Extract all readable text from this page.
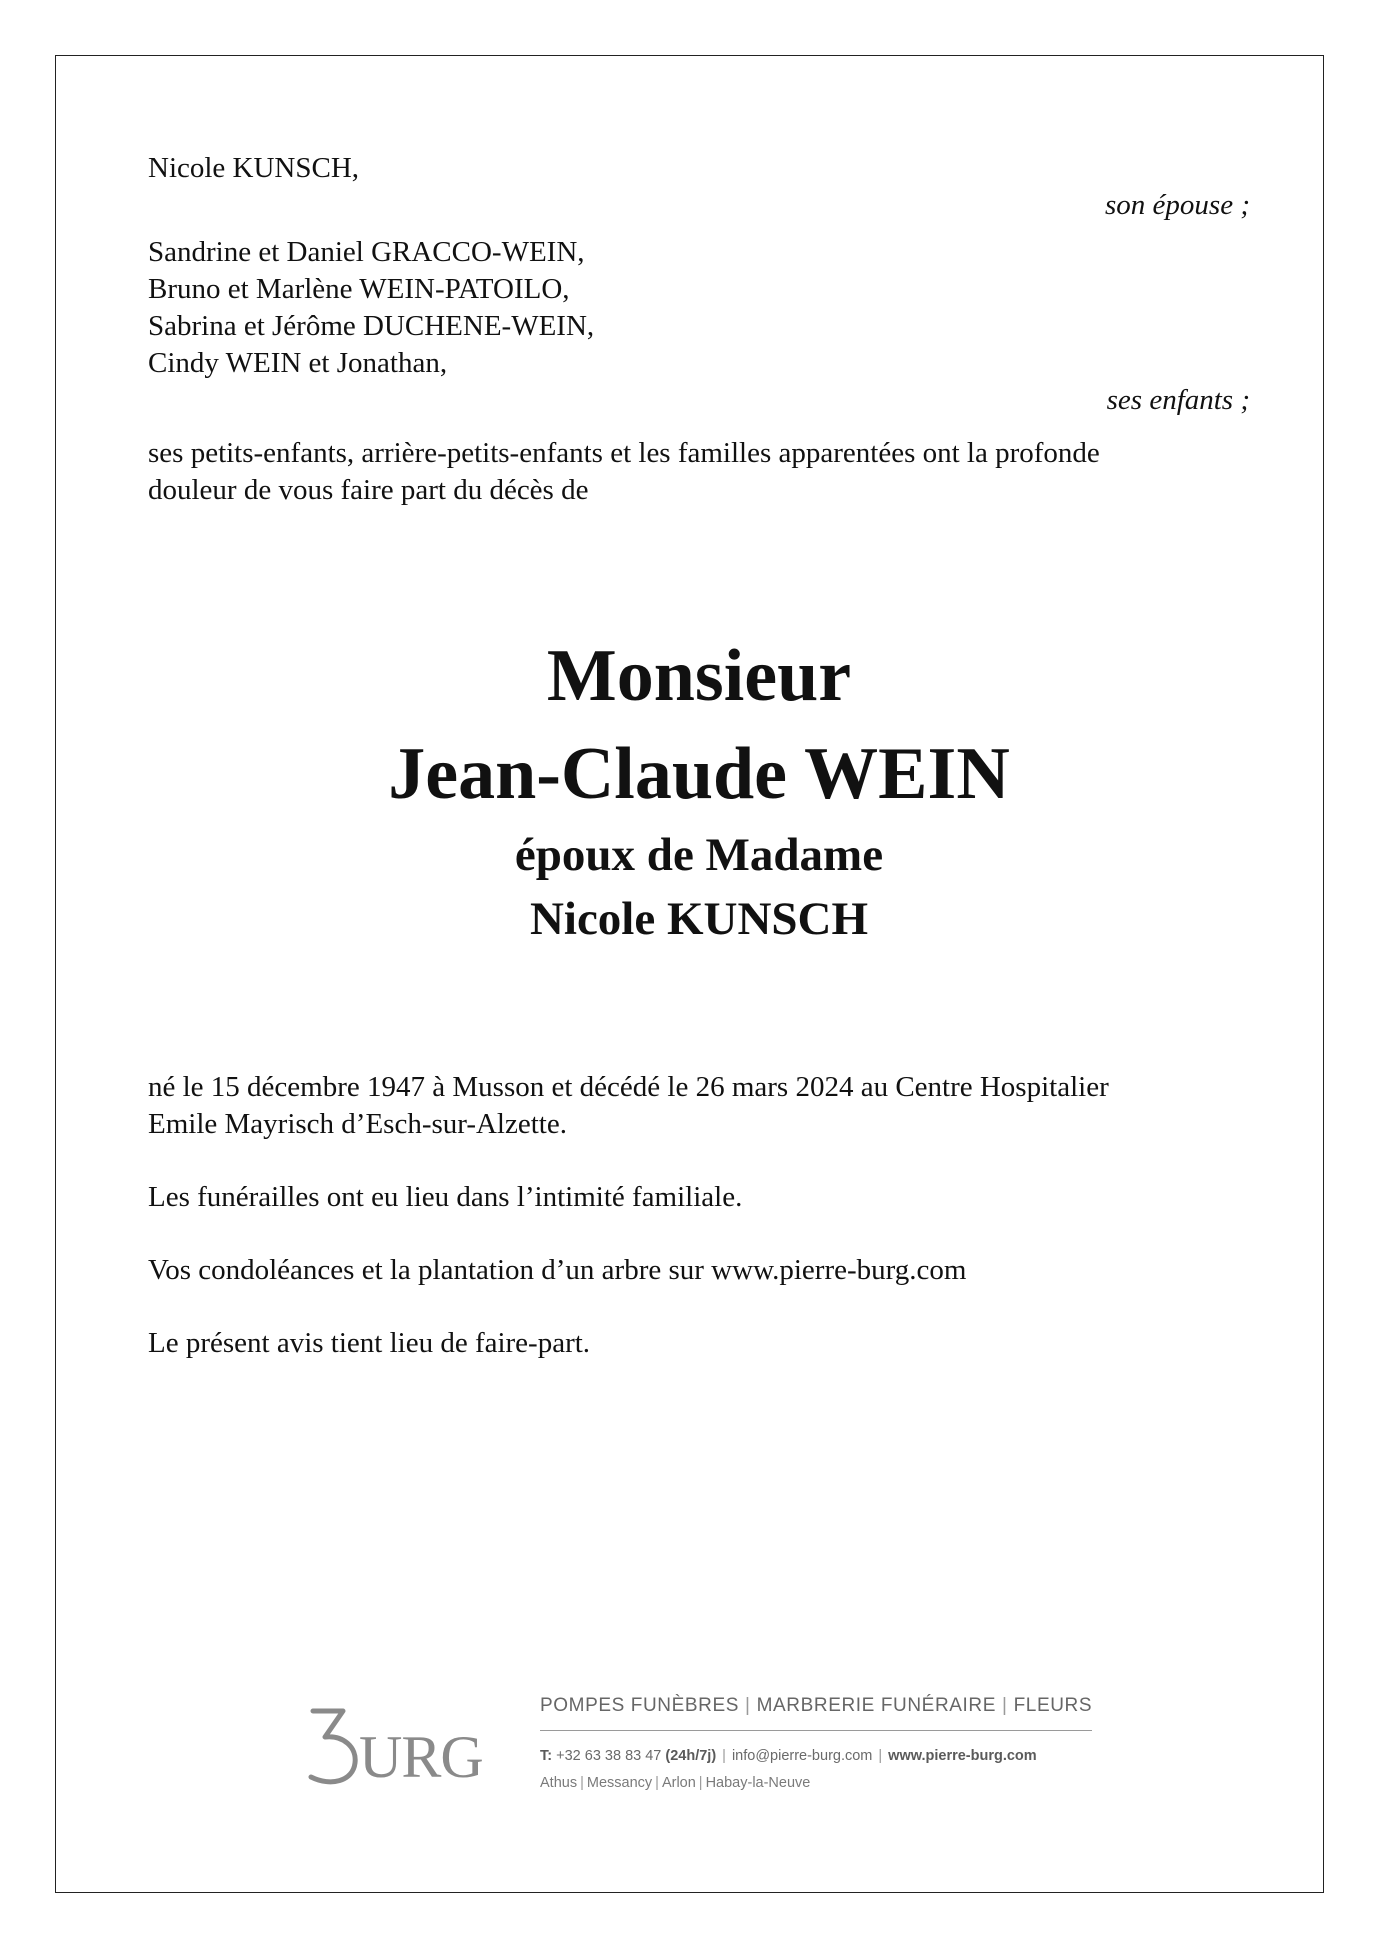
Nicole KUNSCH,
son épouse ;
Sandrine et Daniel GRACCO-WEIN,
Bruno et Marlène WEIN-PATOILO,
Sabrina et Jérôme DUCHENE-WEIN,
Cindy WEIN et Jonathan,
ses enfants ;
ses petits-enfants, arrière-petits-enfants et les familles apparentées ont la profonde
douleur de vous faire part du décès de
Monsieur
Jean-Claude WEIN
époux de Madame
Nicole KUNSCH
né le 15 décembre 1947 à Musson et décédé le 26 mars 2024 au Centre Hospitalier
Emile Mayrisch d’Esch-sur-Alzette.
Les funérailles ont eu lieu dans l’intimité familiale.
Vos condoléances et la plantation d’un arbre sur www.pierre-burg.com
Le présent avis tient lieu de faire-part.
URG
POMPES FUNÈBRES | MARBRERIE FUNÉRAIRE | FLEURS
T: +32 63 38 83 47 (24h/7j) | info@pierre-burg.com | www.pierre-burg.com
Athus | Messancy | Arlon | Habay-la-Neuve
